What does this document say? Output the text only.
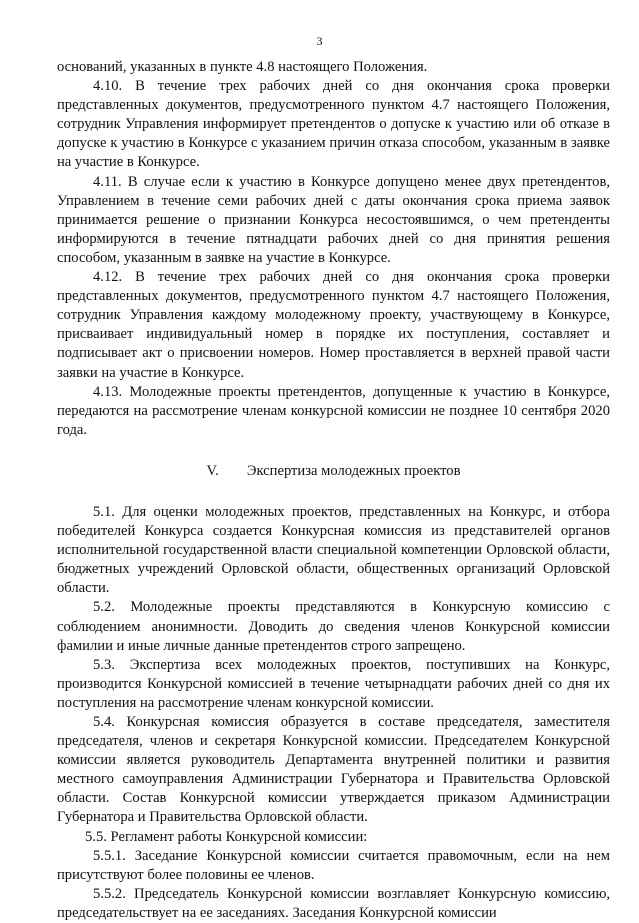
3

оснований, указанных в пункте 4.8 настоящего Положения.

4.10. В течение трех рабочих дней со дня окончания срока проверки представленных документов, предусмотренного пунктом 4.7 настоящего Положения, сотрудник Управления информирует претендентов о допуске к участию или об отказе в допуске к участию в Конкурсе с указанием причин отказа способом, указанным в заявке на участие в Конкурсе.

4.11. В случае если к участию в Конкурсе допущено менее двух претендентов, Управлением в течение семи рабочих дней с даты окончания срока приема заявок принимается решение о признании Конкурса несостоявшимся, о чем претенденты информируются в течение пятнадцати рабочих дней со дня принятия решения способом, указанным в заявке на участие в Конкурсе.

4.12. В течение трех рабочих дней со дня окончания срока проверки представленных документов, предусмотренного пунктом 4.7 настоящего Положения, сотрудник Управления каждому молодежному проекту, участвующему в Конкурсе, присваивает индивидуальный номер в порядке их поступления, составляет и подписывает акт о присвоении номеров. Номер проставляется в верхней правой части заявки на участие в Конкурсе.

4.13. Молодежные проекты претендентов, допущенные к участию в Конкурсе, передаются на рассмотрение членам конкурсной комиссии не позднее 10 сентября 2020 года.

V. Экспертиза молодежных проектов

5.1. Для оценки молодежных проектов, представленных на Конкурс, и отбора победителей Конкурса создается Конкурсная комиссия из представителей органов исполнительной государственной власти специальной компетенции Орловской области, бюджетных учреждений Орловской области, общественных организаций Орловской области.

5.2. Молодежные проекты представляются в Конкурсную комиссию с соблюдением анонимности. Доводить до сведения членов Конкурсной комиссии фамилии и иные личные данные претендентов строго запрещено.

5.3. Экспертиза всех молодежных проектов, поступивших на Конкурс, производится Конкурсной комиссией в течение четырнадцати рабочих дней со дня их поступления на рассмотрение членам конкурсной комиссии.

5.4. Конкурсная комиссия образуется в составе председателя, заместителя председателя, членов и секретаря Конкурсной комиссии. Председателем Конкурсной комиссии является руководитель Департамента внутренней политики и развития местного самоуправления Администрации Губернатора и Правительства Орловской области. Состав Конкурсной комиссии утверждается приказом Администрации Губернатора и Правительства Орловской области.

5.5. Регламент работы Конкурсной комиссии:

5.5.1. Заседание Конкурсной комиссии считается правомочным, если на нем присутствуют более половины ее членов.

5.5.2. Председатель Конкурсной комиссии возглавляет Конкурсную комиссию, председательствует на ее заседаниях. Заседания Конкурсной комиссии
